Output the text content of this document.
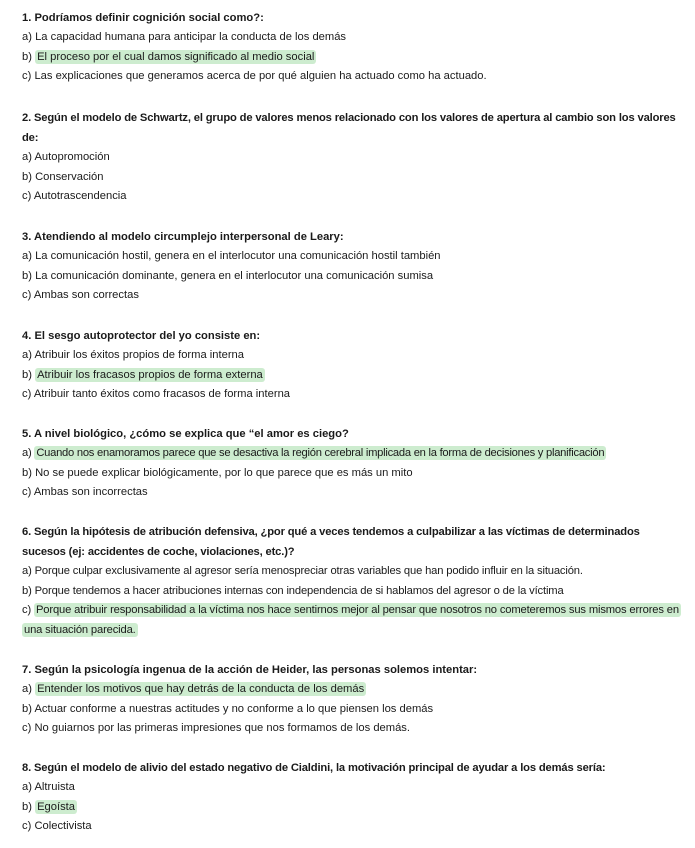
1. Podríamos definir cognición social como?:

a) La capacidad humana para anticipar la conducta de los demás

b) El proceso por el cual damos significado al medio social

c) Las explicaciones que generamos acerca de por qué alguien ha actuado como ha actuado.

2. Según el modelo de Schwartz, el grupo de valores menos relacionado con los valores de apertura al cambio son los valores de:

a) Autopromoción

b) Conservación

c) Autotrascendencia

3. Atendiendo al modelo circumplejo interpersonal de Leary:

a) La comunicación hostil, genera en el interlocutor una comunicación hostil también

b) La comunicación dominante, genera en el interlocutor una comunicación sumisa

c) Ambas son correctas

4. El sesgo autoprotector del yo consiste en:

a) Atribuir los éxitos propios de forma interna

b) Atribuir los fracasos propios de forma externa

c) Atribuir tanto éxitos como fracasos de forma interna

5. A nivel biológico, ¿cómo se explica que “el amor es ciego?

a) Cuando nos enamoramos parece que se desactiva la región cerebral implicada en la forma de decisiones y planificación

b) No se puede explicar biológicamente, por lo que parece que es más un mito

c) Ambas son incorrectas

6. Según la hipótesis de atribución defensiva, ¿por qué a veces tendemos a culpabilizar a las víctimas de determinados sucesos (ej: accidentes de coche, violaciones, etc.)?

a) Porque culpar exclusivamente al agresor sería menospreciar otras variables que han podido influir en la situación.

b) Porque tendemos a hacer atribuciones internas con independencia de si hablamos del agresor o de la víctima

c) Porque atribuir responsabilidad a la víctima nos hace sentirnos mejor al pensar que nosotros no cometeremos sus mismos errores en una situación parecida.

7. Según la psicología ingenua de la acción de Heider, las personas solemos intentar:

a) Entender los motivos que hay detrás de la conducta de los demás

b) Actuar conforme a nuestras actitudes y no conforme a lo que piensen los demás

c) No guiarnos por las primeras impresiones que nos formamos de los demás.

8. Según el modelo de alivio del estado negativo de Cialdini, la motivación principal de ayudar a los demás sería:

a) Altruista

b) Egoísta

c) Colectivista
